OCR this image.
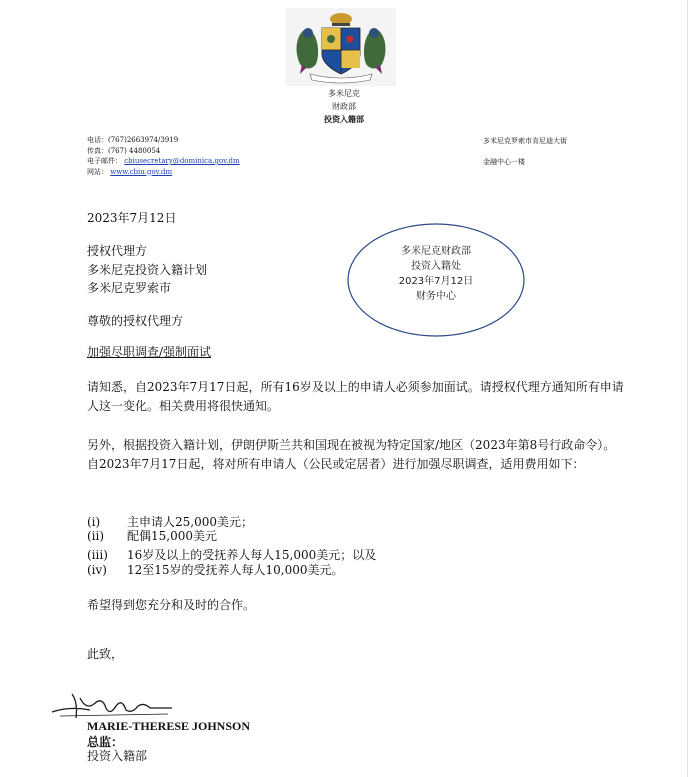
多米尼克
财政部
投资入籍部
电话：(767)2663974/3919
传真：(767) 4480054
电子邮件： cbiusecretary@dominica.gov.dm
网站： www.cbiu.gov.dm
多米尼克罗索市肯尼迪大街
金融中心一楼
2023年7月12日
授权代理方
多米尼克投资入籍计划
多米尼克罗索市
多米尼克财政部
投资入籍处
2023年7月12日
财务中心
尊敬的授权代理方
加强尽职调查/强制面试
请知悉，自2023年7月17日起，所有16岁及以上的申请人必须参加面试。请授权代理方通知所有申请人这一变化。相关费用将很快通知。
另外，根据投资入籍计划，伊朗伊斯兰共和国现在被视为特定国家/地区（2023年第8号行政命令）。自2023年7月17日起，将对所有申请人（公民或定居者）进行加强尽职调查，适用费用如下：
(i)	主申请人25,000美元；
(ii)	配偶15,000美元
(iii)	16岁及以上的受抚养人每人15,000美元；以及
(iv)	12至15岁的受抚养人每人10,000美元。
希望得到您充分和及时的合作。
此致，
MARIE-THERESE JOHNSON
总监：
投资入籍部
